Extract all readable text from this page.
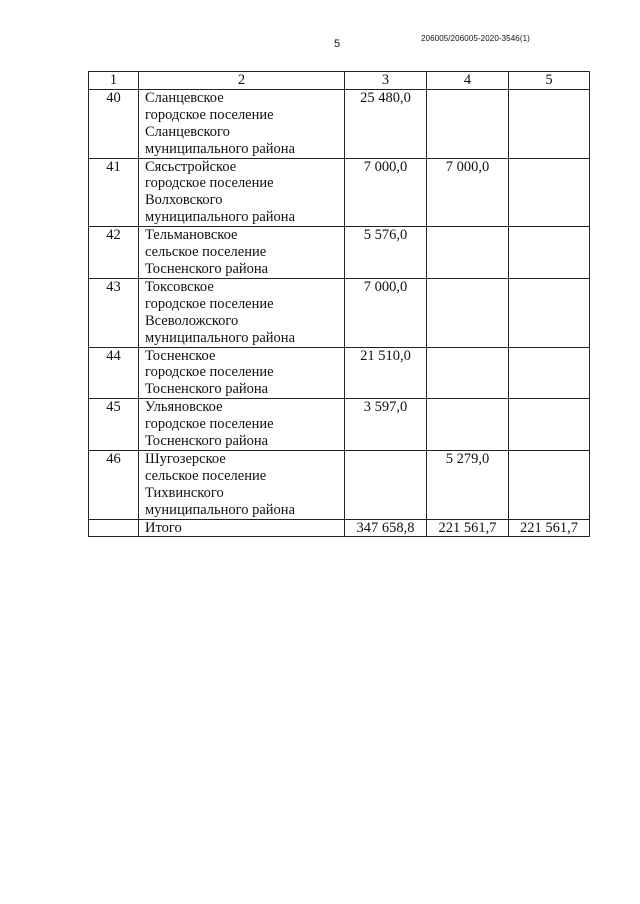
5	206005/206005-2020-3546(1)
1	2	3	4	5
40	Сланцевское
городское поселение
Сланцевского
муниципального района	25 480,0		
41	Сясьстройское
городское поселение
Волховского
муниципального района	7 000,0	7 000,0	
42	Тельмановское
сельское поселение
Тосненского района	5 576,0		
43	Токсовское
городское поселение
Всеволожского
муниципального района	7 000,0		
44	Тосненское
городское поселение
Тосненского района	21 510,0		
45	Ульяновское
городское поселение
Тосненского района	3 597,0		
46	Шугозерское
сельское поселение
Тихвинского
муниципального района		5 279,0	
	Итого	347 658,8	221 561,7	221 561,7
